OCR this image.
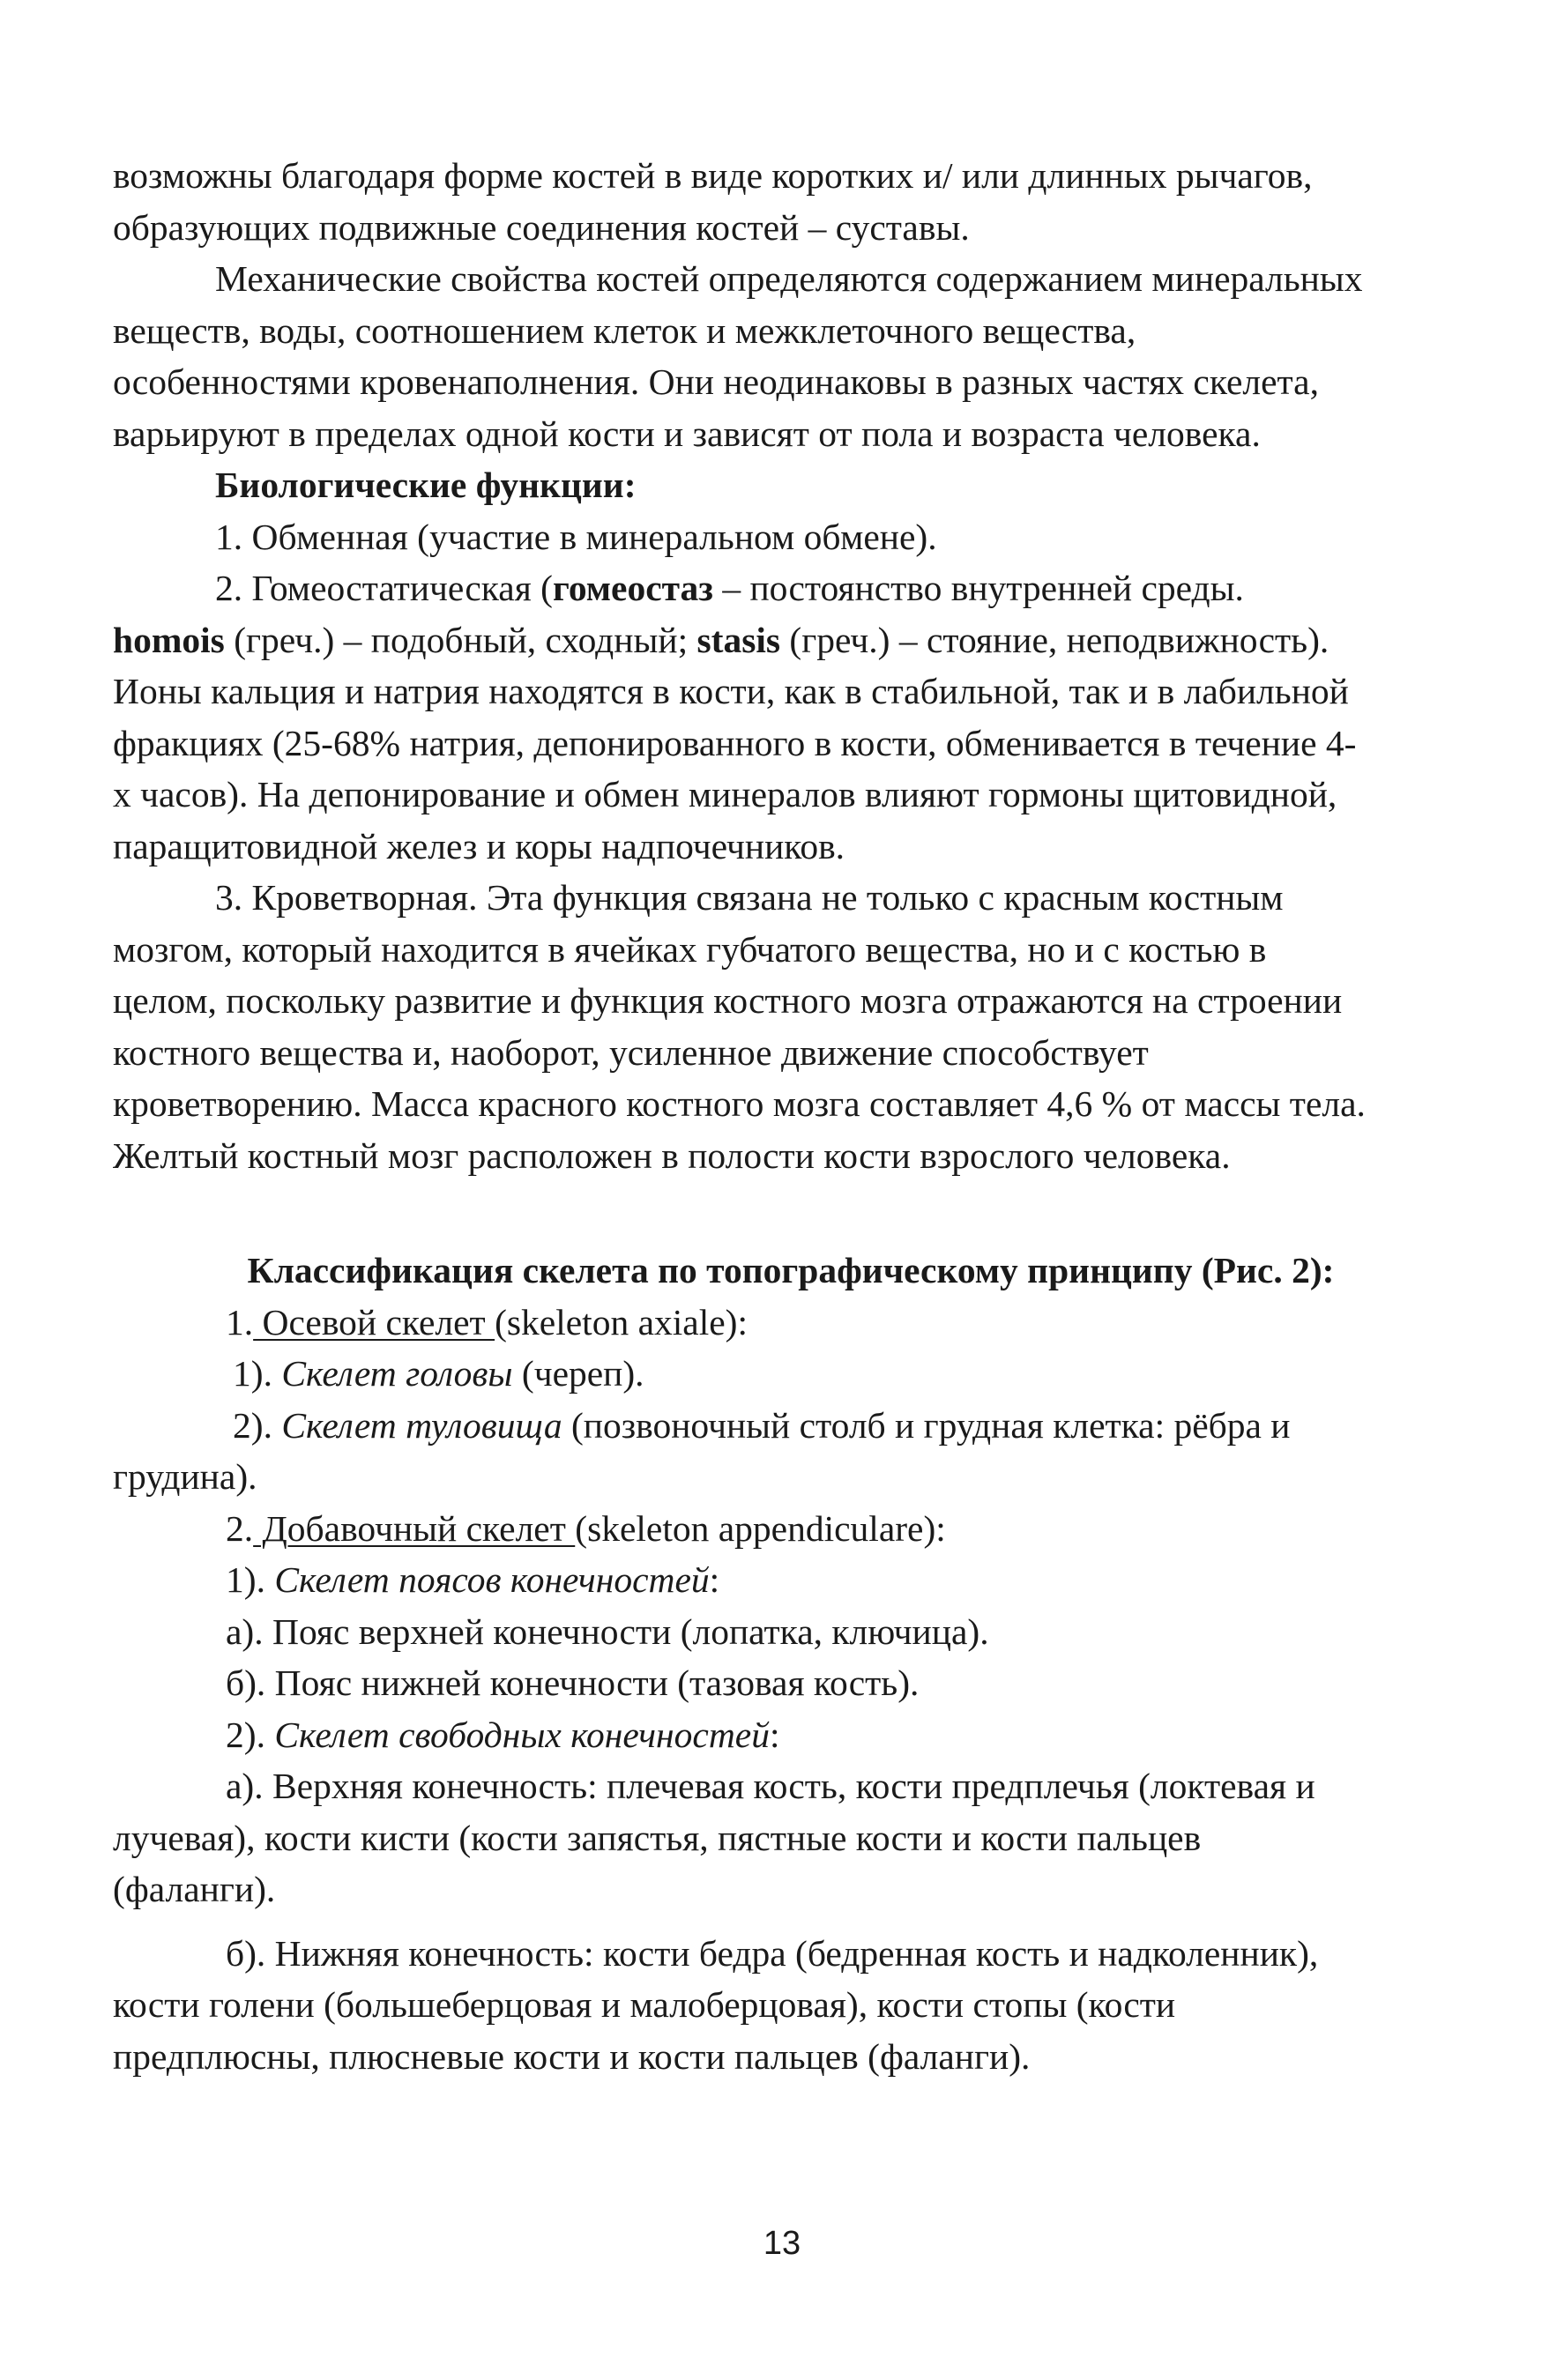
возможны благодаря форме костей в виде коротких и/ или длинных рычагов,
образующих подвижные соединения костей – суставы.

Механические свойства костей определяются содержанием минеральных
веществ, воды, соотношением клеток и межклеточного вещества,
особенностями кровенаполнения. Они неодинаковы в разных частях скелета,
варьируют в пределах одной кости и зависят от пола и возраста человека.

Биологические функции:

1. Обменная (участие в минеральном обмене).

2. Гомеостатическая (гомеостаз – постоянство внутренней среды.
homois (греч.) – подобный, сходный; stasis (греч.) – стояние, неподвижность).
Ионы кальция и натрия находятся в кости, как в стабильной, так и в лабильной
фракциях (25-68% натрия, депонированного в кости, обменивается в течение 4-
х часов). На депонирование и обмен минералов влияют гормоны щитовидной,
паращитовидной желез и коры надпочечников.

3. Кроветворная. Эта функция связана не только с красным костным
мозгом, который находится в ячейках губчатого вещества, но и с костью в
целом, поскольку развитие и функция костного мозга отражаются на строении
костного вещества и, наоборот, усиленное движение способствует
кроветворению. Масса красного костного мозга составляет 4,6 % от массы тела.
Желтый костный мозг расположен в полости кости взрослого человека.

Классификация скелета по топографическому принципу (Рис. 2):

1. Осевой скелет (skeleton axiale):

1). Скелет головы (череп).

2). Скелет туловища (позвоночный столб и грудная клетка: рёбра и
грудина).

2. Добавочный скелет (skeleton appendiculare):

1). Скелет поясов конечностей:

а). Пояс верхней конечности (лопатка, ключица).

б). Пояс нижней конечности (тазовая кость).

2). Скелет свободных конечностей:

а). Верхняя конечность: плечевая кость, кости предплечья (локтевая и
лучевая), кости кисти (кости запястья, пястные кости и кости пальцев
(фаланги).

б). Нижняя конечность: кости бедра (бедренная кость и надколенник),
кости голени (большеберцовая и малоберцовая), кости стопы (кости
предплюсны, плюсневые кости и кости пальцев (фаланги).

13
